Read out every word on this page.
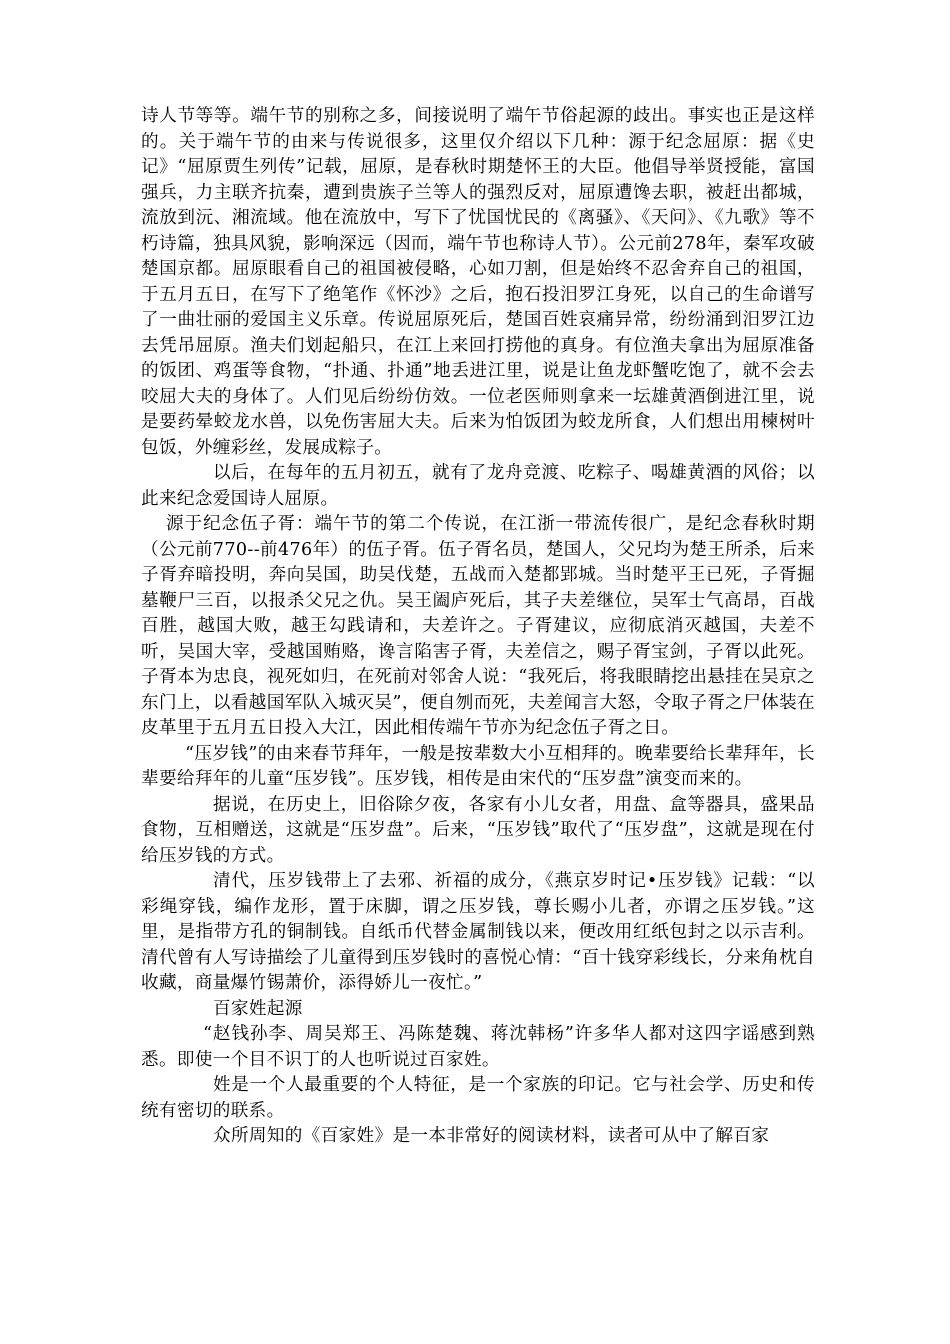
诗人节等等。端午节的别称之多，间接说明了端午节俗起源的歧出。事实也正是这样的。关于端午节的由来与传说很多，这里仅介绍以下几种：源于纪念屈原：据《史记》“屈原贾生列传”记载，屈原，是春秋时期楚怀王的大臣。他倡导举贤授能，富国强兵，力主联齐抗秦，遭到贵族子兰等人的强烈反对，屈原遭馋去职，被赶出都城，流放到沅、湘流域。他在流放中，写下了忧国忧民的《离骚》、《天问》、《九歌》等不朽诗篇，独具风貌，影响深远（因而，端午节也称诗人节）。公元前278年，秦军攻破楚国京都。屈原眼看自己的祖国被侵略，心如刀割，但是始终不忍舍弃自己的祖国，于五月五日，在写下了绝笔作《怀沙》之后，抱石投汨罗江身死，以自己的生命谱写了一曲壮丽的爱国主义乐章。传说屈原死后，楚国百姓哀痛异常，纷纷涌到汨罗江边去凭吊屈原。渔夫们划起船只，在江上来回打捞他的真身。有位渔夫拿出为屈原准备的饭团、鸡蛋等食物，“扑通、扑通”地丢进江里，说是让鱼龙虾蟹吃饱了，就不会去咬屈大夫的身体了。人们见后纷纷仿效。一位老医师则拿来一坛雄黄酒倒进江里，说是要药晕蛟龙水兽，以免伤害屈大夫。后来为怕饭团为蛟龙所食，人们想出用楝树叶包饭，外缠彩丝，发展成粽子。

以后，在每年的五月初五，就有了龙舟竞渡、吃粽子、喝雄黄酒的风俗；以此来纪念爱国诗人屈原。

源于纪念伍子胥：端午节的第二个传说，在江浙一带流传很广，是纪念春秋时期（公元前770--前476年）的伍子胥。伍子胥名员，楚国人，父兄均为楚王所杀，后来子胥弃暗投明，奔向吴国，助吴伐楚，五战而入楚都郢城。当时楚平王已死，子胥掘墓鞭尸三百，以报杀父兄之仇。吴王阖庐死后，其子夫差继位，吴军士气高昂，百战百胜，越国大败，越王勾践请和，夫差许之。子胥建议，应彻底消灭越国，夫差不听，吴国大宰，受越国贿赂，谗言陷害子胥，夫差信之，赐子胥宝剑，子胥以此死。子胥本为忠良，视死如归，在死前对邻舍人说：“我死后，将我眼睛挖出悬挂在吴京之东门上，以看越国军队入城灭吴”，便自刎而死，夫差闻言大怒，令取子胥之尸体装在皮革里于五月五日投入大江，因此相传端午节亦为纪念伍子胥之日。

“压岁钱”的由来春节拜年，一般是按辈数大小互相拜的。晚辈要给长辈拜年，长辈要给拜年的儿童“压岁钱”。压岁钱，相传是由宋代的“压岁盘”演变而来的。

据说，在历史上，旧俗除夕夜，各家有小儿女者，用盘、盒等器具，盛果品食物，互相赠送，这就是“压岁盘”。后来，“压岁钱”取代了“压岁盘”，这就是现在付给压岁钱的方式。

清代，压岁钱带上了去邪、祈福的成分，《燕京岁时记•压岁钱》记载：“以彩绳穿钱，编作龙形，置于床脚，谓之压岁钱，尊长赐小儿者，亦谓之压岁钱。”这里，是指带方孔的铜制钱。自纸币代替金属制钱以来，便改用红纸包封之以示吉利。清代曾有人写诗描绘了儿童得到压岁钱时的喜悦心情：“百十钱穿彩线长，分来角枕自收藏，商量爆竹锡萧价，添得娇儿一夜忙。”

百家姓起源

“赵钱孙李、周吴郑王、冯陈楚魏、蒋沈韩杨”许多华人都对这四字谣感到熟悉。即使一个目不识丁的人也听说过百家姓。

姓是一个人最重要的个人特征，是一个家族的印记。它与社会学、历史和传统有密切的联系。

众所周知的《百家姓》是一本非常好的阅读材料，读者可从中了解百家
